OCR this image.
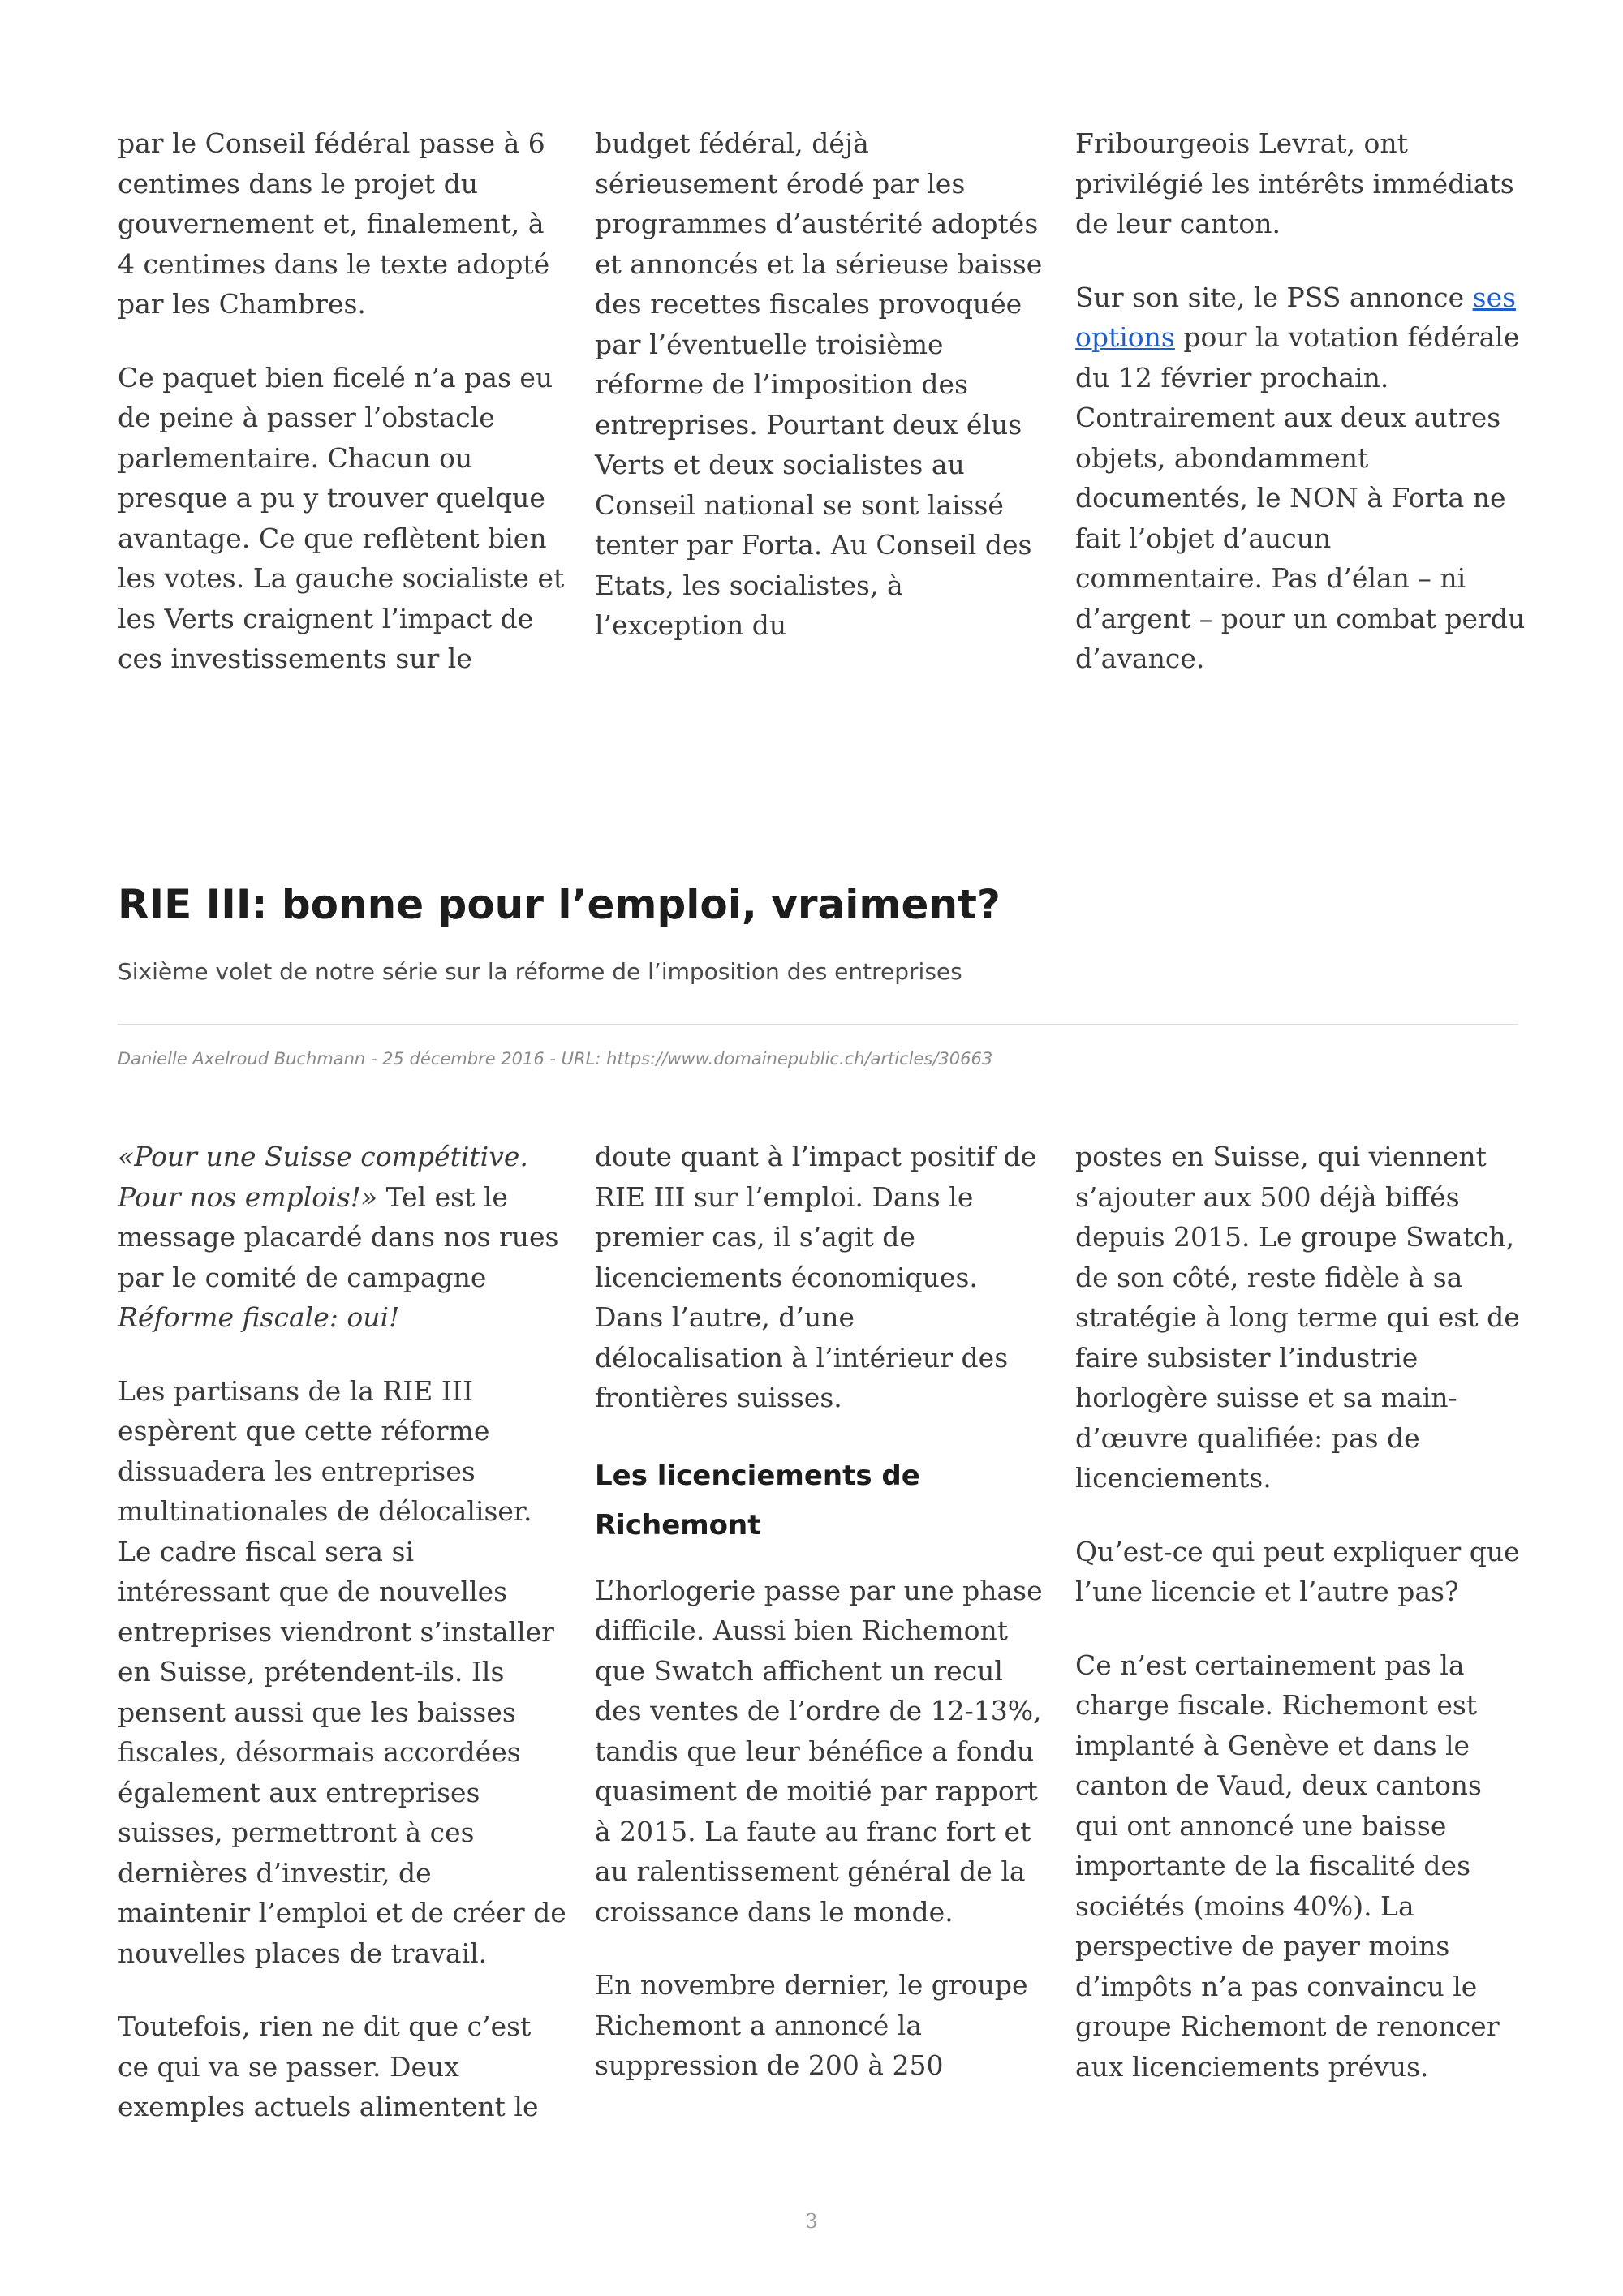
par le Conseil fédéral passe à 6 centimes dans le projet du gouvernement et, finalement, à 4 centimes dans le texte adopté par les Chambres.

Ce paquet bien ficelé n’a pas eu de peine à passer l’obstacle parlementaire. Chacun ou presque a pu y trouver quelque avantage. Ce que reflètent bien les votes. La gauche socialiste et les Verts craignent l’impact de ces investissements sur le

budget fédéral, déjà sérieusement érodé par les programmes d’austérité adoptés et annoncés et la sérieuse baisse des recettes fiscales provoquée par l’éventuelle troisième réforme de l’imposition des entreprises. Pourtant deux élus Verts et deux socialistes au Conseil national se sont laissé tenter par Forta. Au Conseil des Etats, les socialistes, à l’exception du

Fribourgeois Levrat, ont privilégié les intérêts immédiats de leur canton.

Sur son site, le PSS annonce ses options pour la votation fédérale du 12 février prochain. Contrairement aux deux autres objets, abondamment documentés, le NON à Forta ne fait l’objet d’aucun commentaire. Pas d’élan – ni d’argent – pour un combat perdu d’avance.

RIE III: bonne pour l’emploi, vraiment?
Sixième volet de notre série sur la réforme de l’imposition des entreprises
Danielle Axelroud Buchmann - 25 décembre 2016 - URL: https://www.domainepublic.ch/articles/30663

«Pour une Suisse compétitive. Pour nos emplois!» Tel est le message placardé dans nos rues par le comité de campagne Réforme fiscale: oui!

Les partisans de la RIE III espèrent que cette réforme dissuadera les entreprises multinationales de délocaliser. Le cadre fiscal sera si intéressant que de nouvelles entreprises viendront s’installer en Suisse, prétendent-ils. Ils pensent aussi que les baisses fiscales, désormais accordées également aux entreprises suisses, permettront à ces dernières d’investir, de maintenir l’emploi et de créer de nouvelles places de travail.

Toutefois, rien ne dit que c’est ce qui va se passer. Deux exemples actuels alimentent le

doute quant à l’impact positif de RIE III sur l’emploi. Dans le premier cas, il s’agit de licenciements économiques. Dans l’autre, d’une délocalisation à l’intérieur des frontières suisses.

Les licenciements de Richemont

L’horlogerie passe par une phase difficile. Aussi bien Richemont que Swatch affichent un recul des ventes de l’ordre de 12-13%, tandis que leur bénéfice a fondu quasiment de moitié par rapport à 2015. La faute au franc fort et au ralentissement général de la croissance dans le monde.

En novembre dernier, le groupe Richemont a annoncé la suppression de 200 à 250

postes en Suisse, qui viennent s’ajouter aux 500 déjà biffés depuis 2015. Le groupe Swatch, de son côté, reste fidèle à sa stratégie à long terme qui est de faire subsister l’industrie horlogère suisse et sa main-d’œuvre qualifiée: pas de licenciements.

Qu’est-ce qui peut expliquer que l’une licencie et l’autre pas?

Ce n’est certainement pas la charge fiscale. Richemont est implanté à Genève et dans le canton de Vaud, deux cantons qui ont annoncé une baisse importante de la fiscalité des sociétés (moins 40%). La perspective de payer moins d’impôts n’a pas convaincu le groupe Richemont de renoncer aux licenciements prévus.

3
